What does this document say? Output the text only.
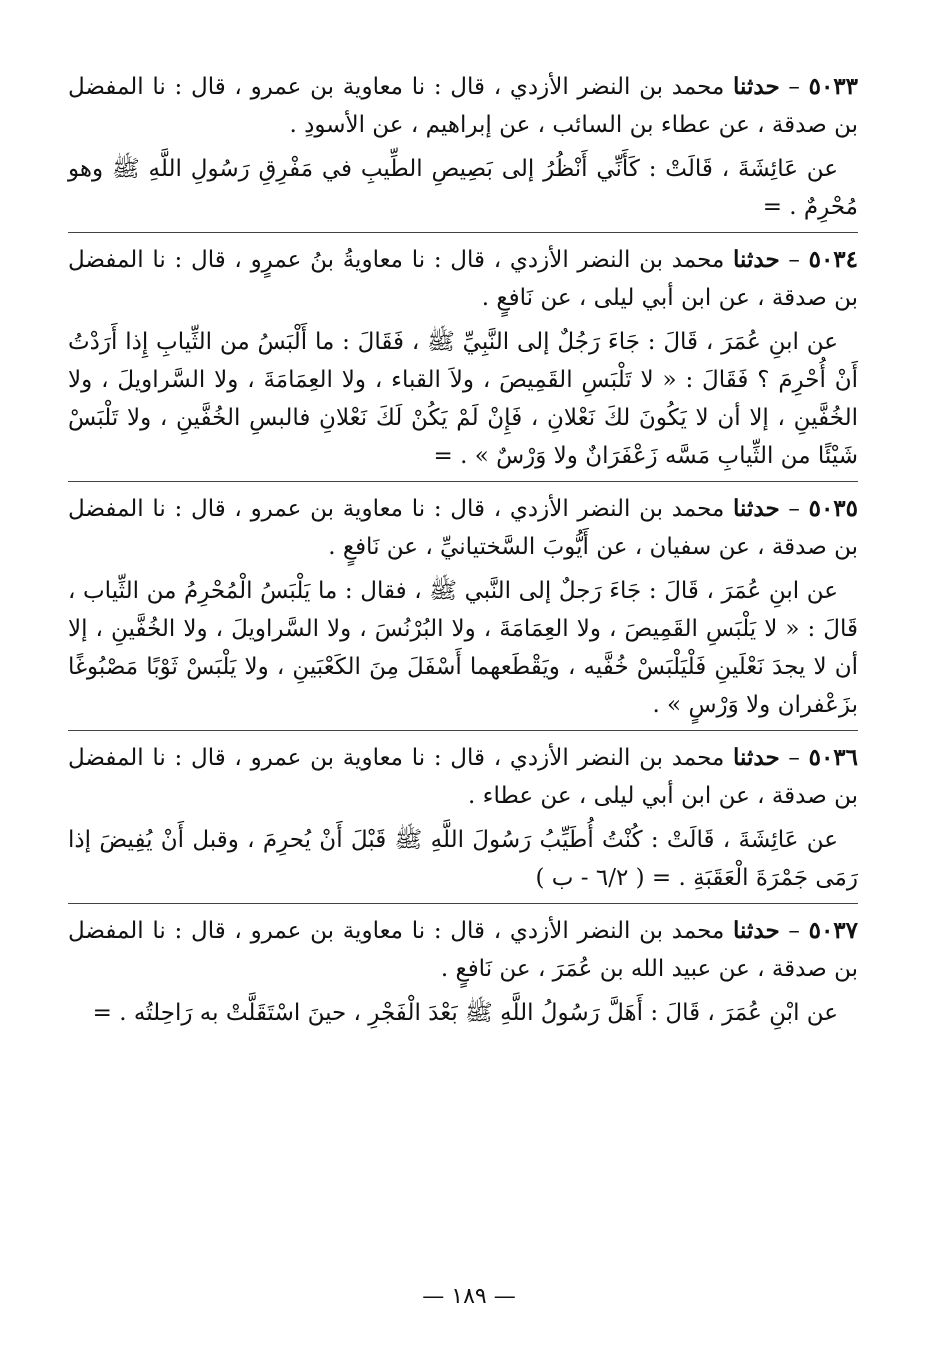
٥٠٣٣ – حدثنا محمد بن النضر الأزدي ، قال : نا معاوية بن عمرو ، قال : نا المفضل بن صدقة ، عن عطاء بن السائب ، عن إبراهيم ، عن الأسودِ .

عن عَائِشَةَ ، قَالَتْ : كَأَنِّي أَنْظُرُ إلى بَصِيصِ الطِّيبِ في مَفْرِقِ رَسُولِ اللَّهِ ﷺ وهو مُحْرِمٌ . =

٥٠٣٤ – حدثنا محمد بن النضر الأزدي ، قال : نا معاويةُ بنُ عمرٍو ، قال : نا المفضل بن صدقة ، عن ابن أبي ليلى ، عن نَافعٍ .

عن ابنِ عُمَرَ ، قَالَ : جَاءَ رَجُلٌ إلى النَّبِيِّ ﷺ ، فَقَالَ : ما أَلْبَسُ من الثِّيابِ إِذا أَرَدْتُ أَنْ أُحْرِمَ ؟ فَقَالَ : « لا تَلْبَسِ القَمِيصَ ، ولاَ القباء ، ولا العِمَامَةَ ، ولا السَّراويلَ ، ولا الخُفَّينِ ، إلا أن لا يَكُونَ لكَ نَعْلانِ ، فَإِنْ لَمْ يَكُنْ لَكَ نَعْلانِ فالبسِ الخُفَّينِ ، ولا تَلْبَسْ شَيْئًا من الثِّيابِ مَسَّه زَعْفَرَانٌ ولا وَرْسٌ » . =

٥٠٣٥ – حدثنا محمد بن النضر الأزدي ، قال : نا معاوية بن عمرو ، قال : نا المفضل بن صدقة ، عن سفيان ، عن أَيُّوبَ السَّختيانيِّ ، عن نَافعٍ .

عن ابنِ عُمَرَ ، قَالَ : جَاءَ رَجلٌ إلى النَّبي ﷺ ، فقال : ما يَلْبَسُ الْمُحْرِمُ من الثِّياب ، قَالَ : « لا يَلْبَسِ القَمِيصَ ، ولا العِمَامَةَ ، ولا البُرْنُسَ ، ولا السَّراويلَ ، ولا الخُفَّينِ ، إلا أن لا يجدَ نَعْلَينِ فَلْيَلْبَسْ خُفَّيه ، ويَقْطَعهما أَسْفَلَ مِنَ الكَعْبَينِ ، ولا يَلْبَسْ ثَوْبًا مَصْبُوغًا بزَعْفران ولا وَرْسٍ » .

٥٠٣٦ – حدثنا محمد بن النضر الأزدي ، قال : نا معاوية بن عمرو ، قال : نا المفضل بن صدقة ، عن ابن أبي ليلى ، عن عطاء .

عن عَائِشَةَ ، قَالَتْ : كُنْتُ أُطَيِّبُ رَسُولَ اللَّهِ ﷺ قَبْلَ أَنْ يُحرِمَ ، وقبل أَنْ يُفِيضَ إذا رَمَى جَمْرَةَ الْعَقَبَةِ . = ( ٦/٢ - ب )

٥٠٣٧ – حدثنا محمد بن النضر الأزدي ، قال : نا معاوية بن عمرو ، قال : نا المفضل بن صدقة ، عن عبيد الله بن عُمَرَ ، عن نَافعٍ .

عن ابْنِ عُمَرَ ، قَالَ : أَهَلَّ رَسُولُ اللَّهِ ﷺ بَعْدَ الْفَجْرِ ، حينَ اسْتَقَلَّتْ به رَاحِلتُه . =

— ١٨٩ —
